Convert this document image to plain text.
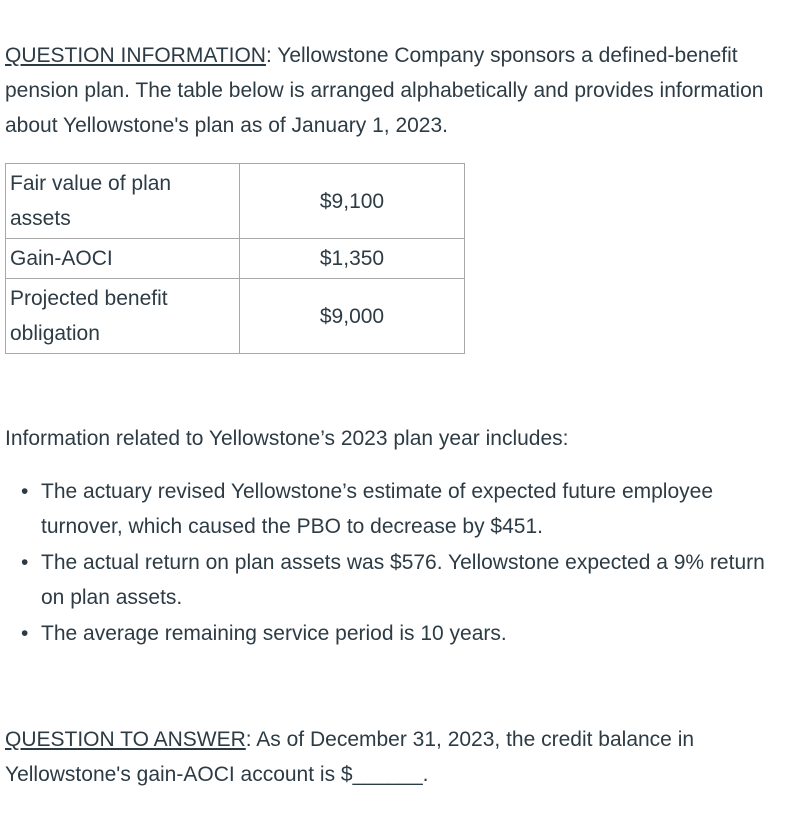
QUESTION INFORMATION: Yellowstone Company sponsors a defined-benefit pension plan. The table below is arranged alphabetically and provides information about Yellowstone's plan as of January 1, 2023.

Fair value of plan assets	$9,100
Gain-AOCI	$1,350
Projected benefit obligation	$9,000

Information related to Yellowstone’s 2023 plan year includes:

• The actuary revised Yellowstone’s estimate of expected future employee turnover, which caused the PBO to decrease by $451.
• The actual return on plan assets was $576. Yellowstone expected a 9% return on plan assets.
• The average remaining service period is 10 years.

QUESTION TO ANSWER: As of December 31, 2023, the credit balance in Yellowstone's gain-AOCI account is $______.
